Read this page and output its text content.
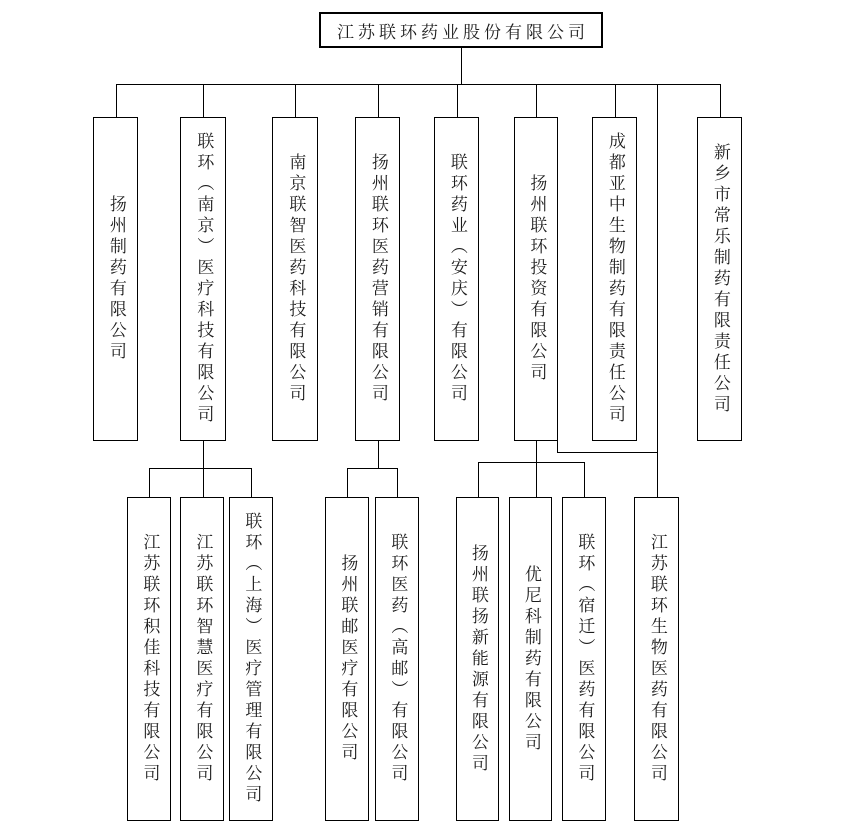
江苏联环药业股份有限公司
扬州制药有限公司	联环（南京）医疗科技有限公司	南京联智医药科技有限公司	扬州联环医药营销有限公司	联环药业（安庆）有限公司	扬州联环投资有限公司	成都亚中生物制药有限责任公司	新乡市常乐制药有限责任公司
江苏联环积佳科技有限公司 江苏联环智慧医疗有限公司 联环（上海）医疗管理有限公司	扬州联邮医疗有限公司 联环医药（高邮）有限公司	扬州联扬新能源有限公司 优尼科制药有限公司 联环（宿迁）医药有限公司	江苏联环生物医药有限公司
